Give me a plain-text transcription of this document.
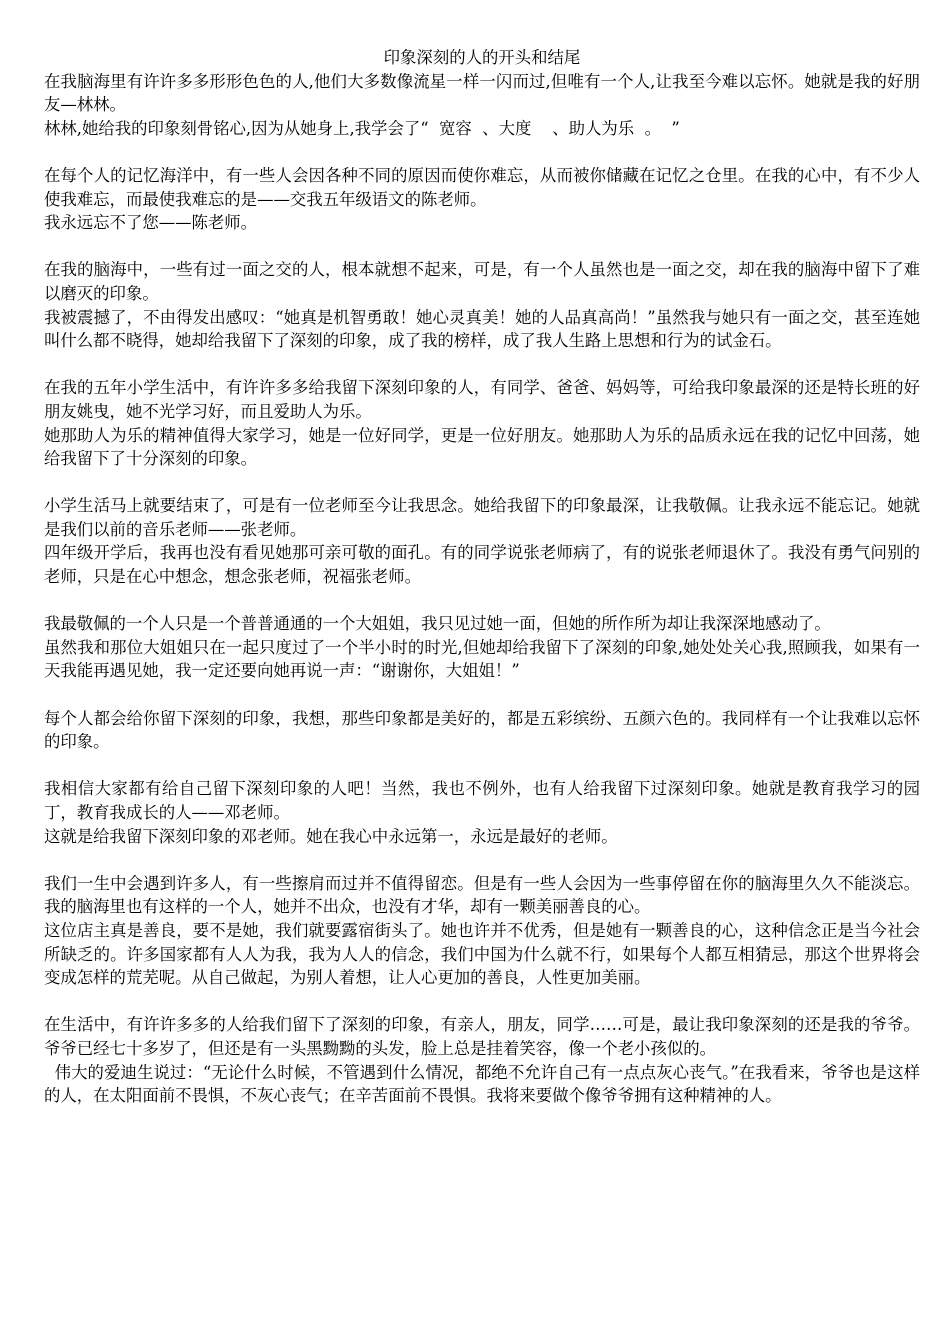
印象深刻的人的开头和结尾

在我脑海里有许许多多形形色色的人,他们大多数像流星一样一闪而过,但唯有一个人,让我至今难以忘怀。她就是我的好朋友—林林。

林林,她给我的印象刻骨铭心,因为从她身上,我学会了“  宽容  、大度    、助人为乐  。  ”

在每个人的记忆海洋中，有一些人会因各种不同的原因而使你难忘，从而被你储藏在记忆之仓里。在我的心中，有不少人使我难忘，而最使我难忘的是——交我五年级语文的陈老师。

我永远忘不了您——陈老师。

在我的脑海中，一些有过一面之交的人，根本就想不起来，可是，有一个人虽然也是一面之交，却在我的脑海中留下了难以磨灭的印象。

我被震撼了，不由得发出感叹：“她真是机智勇敢！她心灵真美！她的人品真高尚！”虽然我与她只有一面之交，甚至连她叫什么都不晓得，她却给我留下了深刻的印象，成了我的榜样，成了我人生路上思想和行为的试金石。

在我的五年小学生活中，有许许多多给我留下深刻印象的人，有同学、爸爸、妈妈等，可给我印象最深的还是特长班的好朋友姚曳，她不光学习好，而且爱助人为乐。

她那助人为乐的精神值得大家学习，她是一位好同学，更是一位好朋友。她那助人为乐的品质永远在我的记忆中回荡，她给我留下了十分深刻的印象。

小学生活马上就要结束了，可是有一位老师至今让我思念。她给我留下的印象最深，让我敬佩。让我永远不能忘记。她就是我们以前的音乐老师——张老师。

四年级开学后，我再也没有看见她那可亲可敬的面孔。有的同学说张老师病了，有的说张老师退休了。我没有勇气问别的老师，只是在心中想念，想念张老师，祝福张老师。

我最敬佩的一个人只是一个普普通通的一个大姐姐，我只见过她一面，但她的所作所为却让我深深地感动了。

虽然我和那位大姐姐只在一起只度过了一个半小时的时光,但她却给我留下了深刻的印象,她处处关心我,照顾我，如果有一天我能再遇见她，我一定还要向她再说一声：“谢谢你，大姐姐！”

每个人都会给你留下深刻的印象，我想，那些印象都是美好的，都是五彩缤纷、五颜六色的。我同样有一个让我难以忘怀的印象。

我相信大家都有给自己留下深刻印象的人吧！当然，我也不例外，也有人给我留下过深刻印象。她就是教育我学习的园丁，教育我成长的人——邓老师。

这就是给我留下深刻印象的邓老师。她在我心中永远第一，永远是最好的老师。

我们一生中会遇到许多人，有一些擦肩而过并不值得留恋。但是有一些人会因为一些事停留在你的脑海里久久不能淡忘。我的脑海里也有这样的一个人，她并不出众，也没有才华，却有一颗美丽善良的心。

这位店主真是善良，要不是她，我们就要露宿街头了。她也许并不优秀，但是她有一颗善良的心，这种信念正是当今社会所缺乏的。许多国家都有人人为我，我为人人的信念，我们中国为什么就不行，如果每个人都互相猜忌，那这个世界将会变成怎样的荒芜呢。从自己做起，为别人着想，让人心更加的善良，人性更加美丽。

在生活中，有许许多多的人给我们留下了深刻的印象，有亲人，朋友，同学……可是，最让我印象深刻的还是我的爷爷。爷爷已经七十多岁了，但还是有一头黑黝黝的头发，脸上总是挂着笑容，像一个老小孩似的。

伟大的爱迪生说过：“无论什么时候，不管遇到什么情况，都绝不允许自己有一点点灰心丧气。”在我看来，爷爷也是这样的人，在太阳面前不畏惧，不灰心丧气；在辛苦面前不畏惧。我将来要做个像爷爷拥有这种精神的人。
